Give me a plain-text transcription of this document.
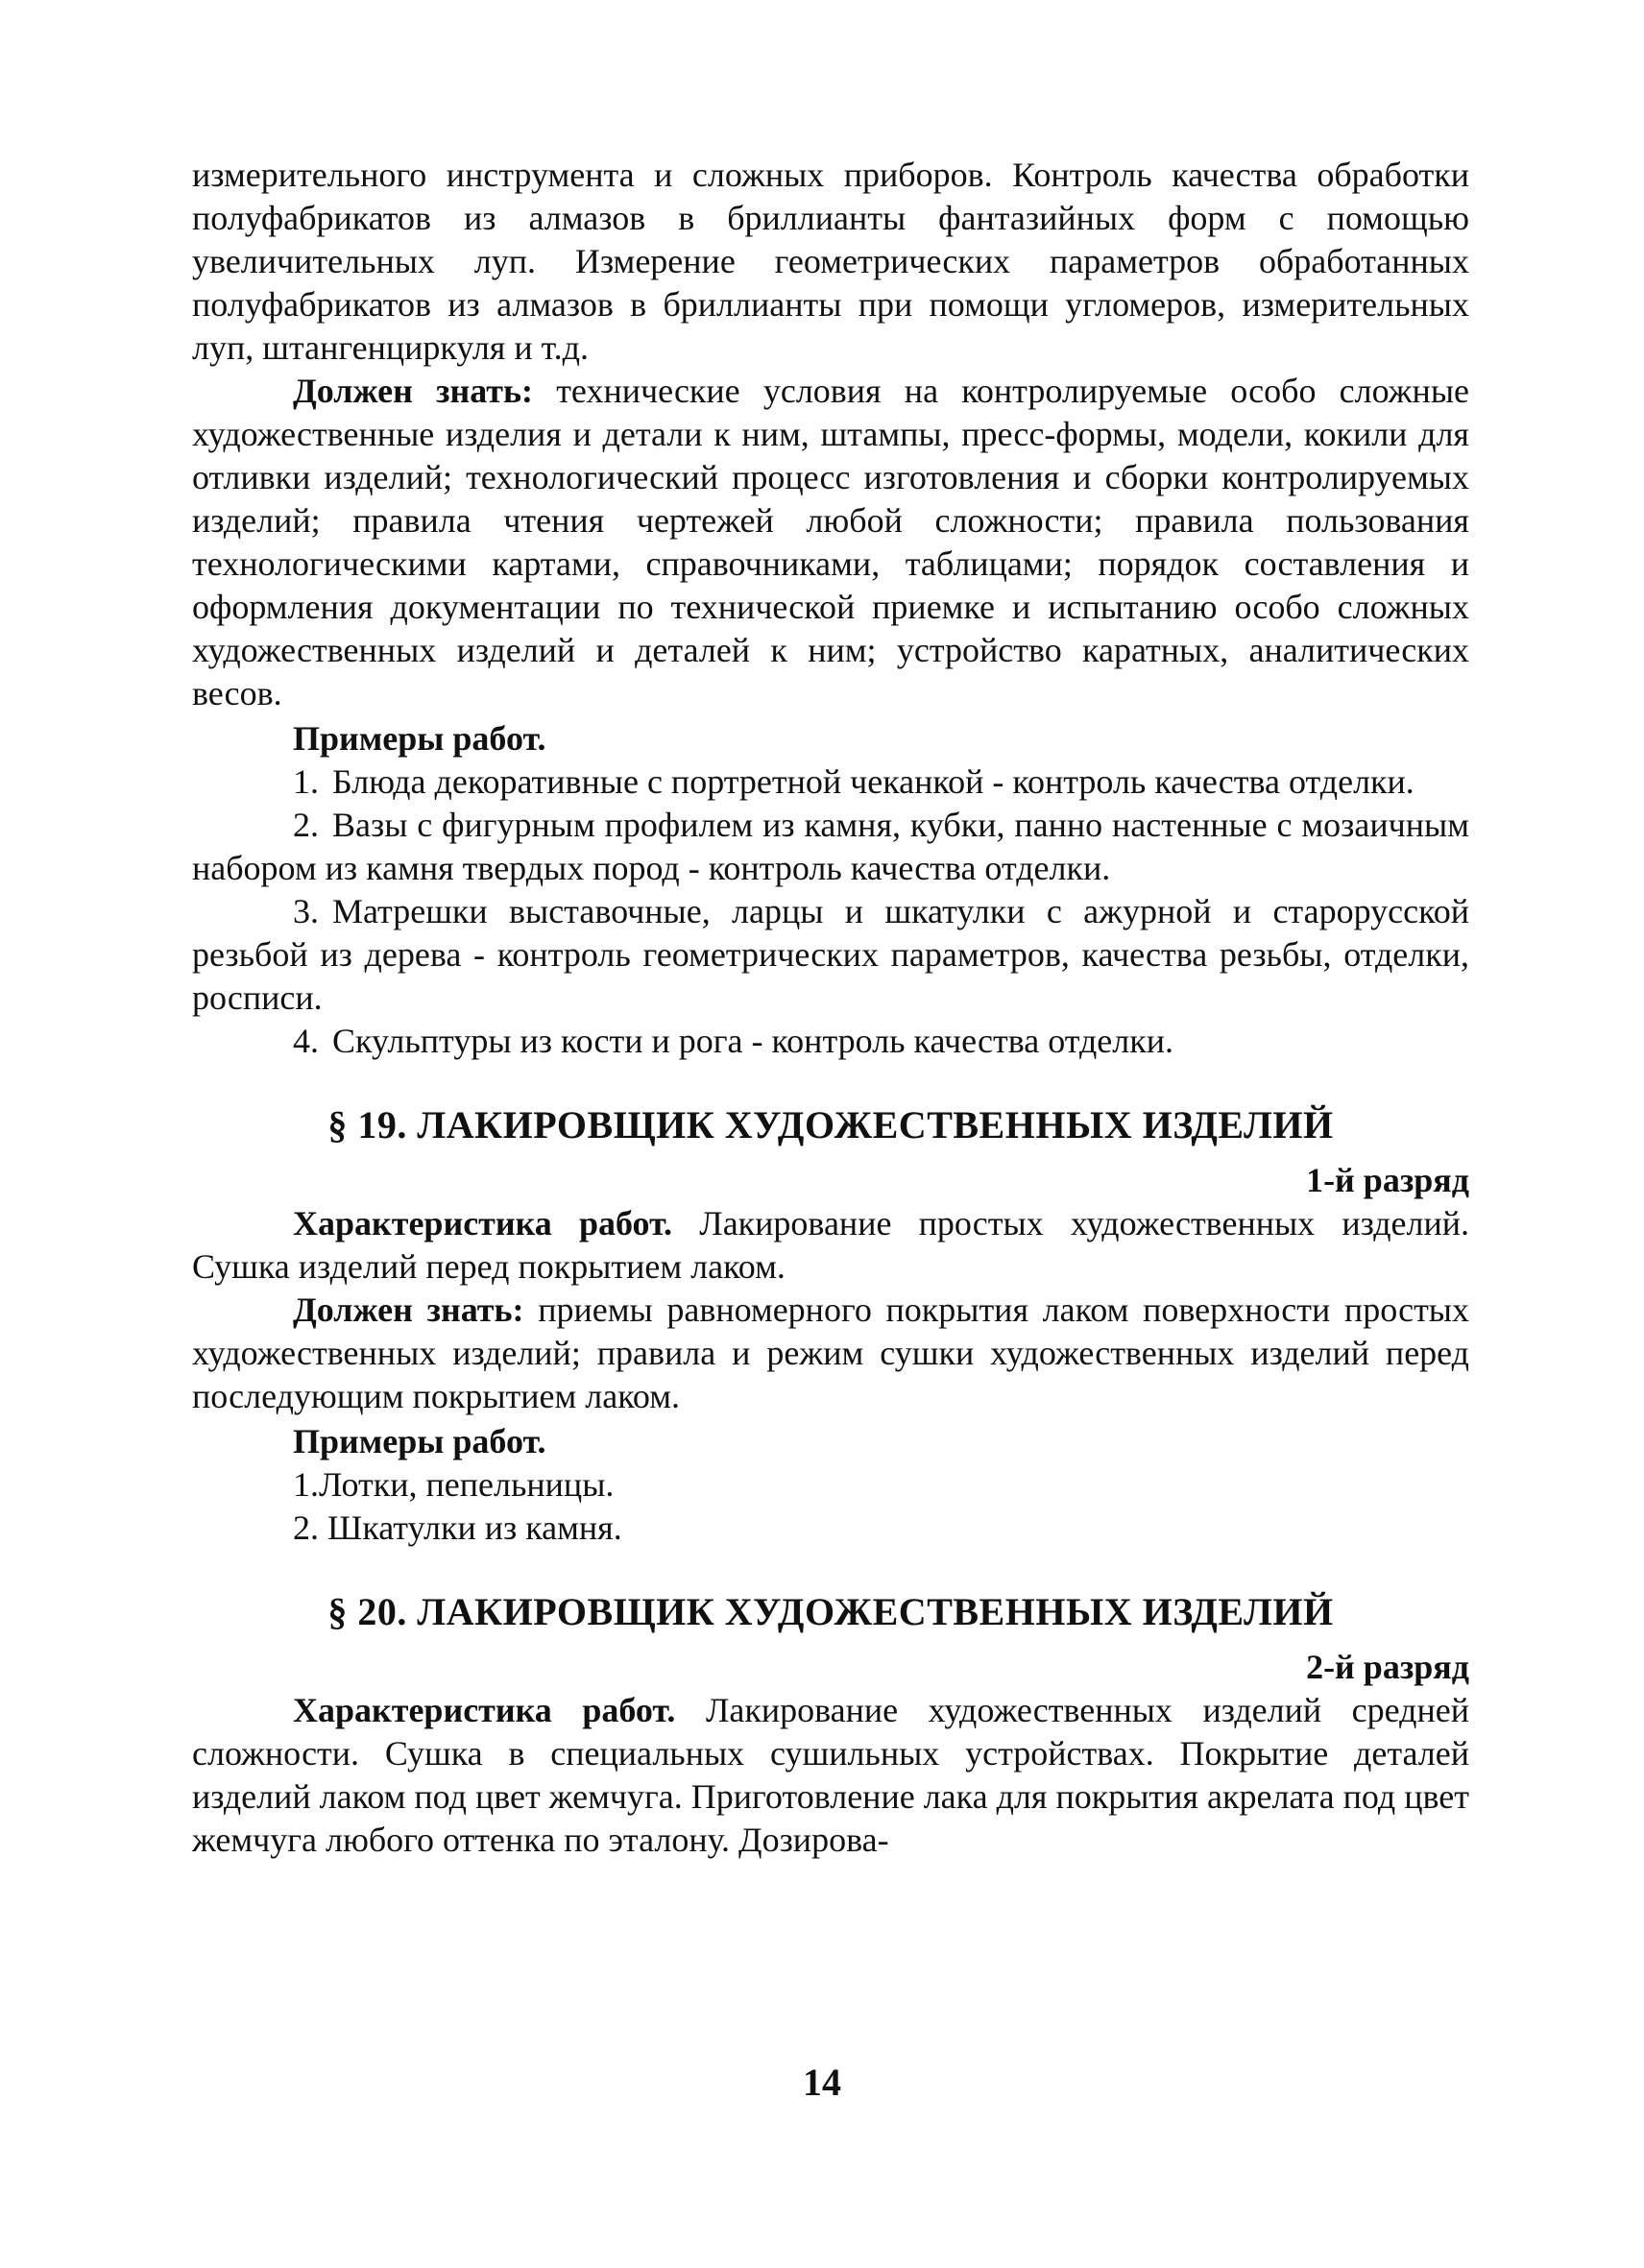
измерительного инструмента и сложных приборов. Контроль качества обработки полуфабрикатов из алмазов в бриллианты фантазийных форм с помощью увеличительных луп. Измерение геометрических параметров обработанных полуфабрикатов из алмазов в бриллианты при помощи угломеров, измерительных луп, штангенциркуля и т.д.

Должен знать: технические условия на контролируемые особо сложные художественные изделия и детали к ним, штампы, пресс-формы, модели, кокили для отливки изделий; технологический процесс изготовления и сборки контролируемых изделий; правила чтения чертежей любой сложности; правила пользования технологическими картами, справочниками, таблицами; порядок составления и оформления документации по технической приемке и испытанию особо сложных художественных изделий и деталей к ним; устройство каратных, аналитических весов.

Примеры работ.

1. Блюда декоративные с портретной чеканкой - контроль качества отделки.

2. Вазы с фигурным профилем из камня, кубки, панно настенные с мозаичным набором из камня твердых пород - контроль качества отделки.

3. Матрешки выставочные, ларцы и шкатулки с ажурной и старорусской резьбой из дерева - контроль геометрических параметров, качества резьбы, отделки, росписи.

4. Скульптуры из кости и рога - контроль качества отделки.

§ 19. ЛАКИРОВЩИК ХУДОЖЕСТВЕННЫХ ИЗДЕЛИЙ
1-й разряд

Характеристика работ. Лакирование простых художественных изделий. Сушка изделий перед покрытием лаком.

Должен знать: приемы равномерного покрытия лаком поверхности простых художественных изделий; правила и режим сушки художественных изделий перед последующим покрытием лаком.

Примеры работ.

1.Лотки, пепельницы.

2. Шкатулки из камня.

§ 20. ЛАКИРОВЩИК ХУДОЖЕСТВЕННЫХ ИЗДЕЛИЙ
2-й разряд

Характеристика работ. Лакирование художественных изделий средней сложности. Сушка в специальных сушильных устройствах. Покрытие деталей изделий лаком под цвет жемчуга. Приготовление лака для покрытия акрелата под цвет жемчуга любого оттенка по эталону. Дозирова-

14
